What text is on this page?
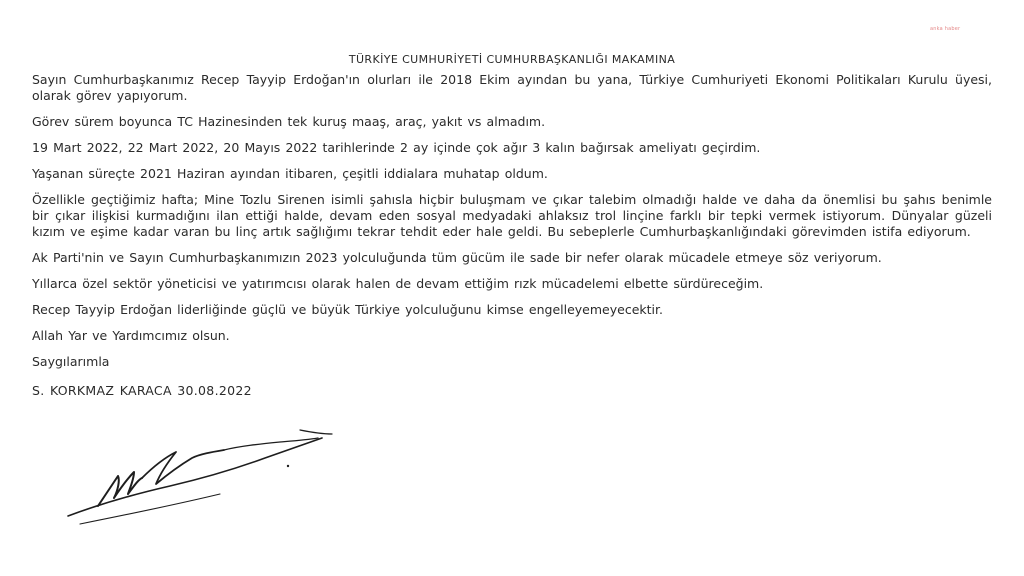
anka haber
TÜRKİYE CUMHURİYETİ CUMHURBAŞKANLIĞI MAKAMINA

Sayın Cumhurbaşkanımız Recep Tayyip Erdoğan'ın olurları ile 2018 Ekim ayından bu yana, Türkiye Cumhuriyeti Ekonomi Politikaları Kurulu üyesi, olarak görev yapıyorum.

Görev sürem boyunca TC Hazinesinden tek kuruş maaş, araç, yakıt vs almadım.

19 Mart 2022, 22 Mart 2022, 20 Mayıs 2022 tarihlerinde 2 ay içinde çok ağır 3 kalın bağırsak ameliyatı geçirdim.

Yaşanan süreçte 2021 Haziran ayından itibaren, çeşitli iddialara muhatap oldum.

Özellikle geçtiğimiz hafta; Mine Tozlu Sirenen isimli şahısla hiçbir buluşmam ve çıkar talebim olmadığı halde ve daha da önemlisi bu şahıs benimle bir çıkar ilişkisi kurmadığını ilan ettiği halde, devam eden sosyal medyadaki ahlaksız trol linçine farklı bir tepki vermek istiyorum. Dünyalar güzeli kızım ve eşime kadar varan bu linç artık sağlığımı tekrar tehdit eder hale geldi. Bu sebeplerle Cumhurbaşkanlığındaki görevimden istifa ediyorum.

Ak Parti'nin ve Sayın Cumhurbaşkanımızın 2023 yolculuğunda tüm gücüm ile sade bir nefer olarak mücadele etmeye söz veriyorum.

Yıllarca özel sektör yöneticisi ve yatırımcısı olarak halen de devam ettiğim rızk mücadelemi elbette sürdüreceğim.

Recep Tayyip Erdoğan liderliğinde güçlü ve büyük Türkiye yolculuğunu kimse engelleyemeyecektir.

Allah Yar ve Yardımcımız olsun.

Saygılarımla

S. KORKMAZ KARACA 30.08.2022
